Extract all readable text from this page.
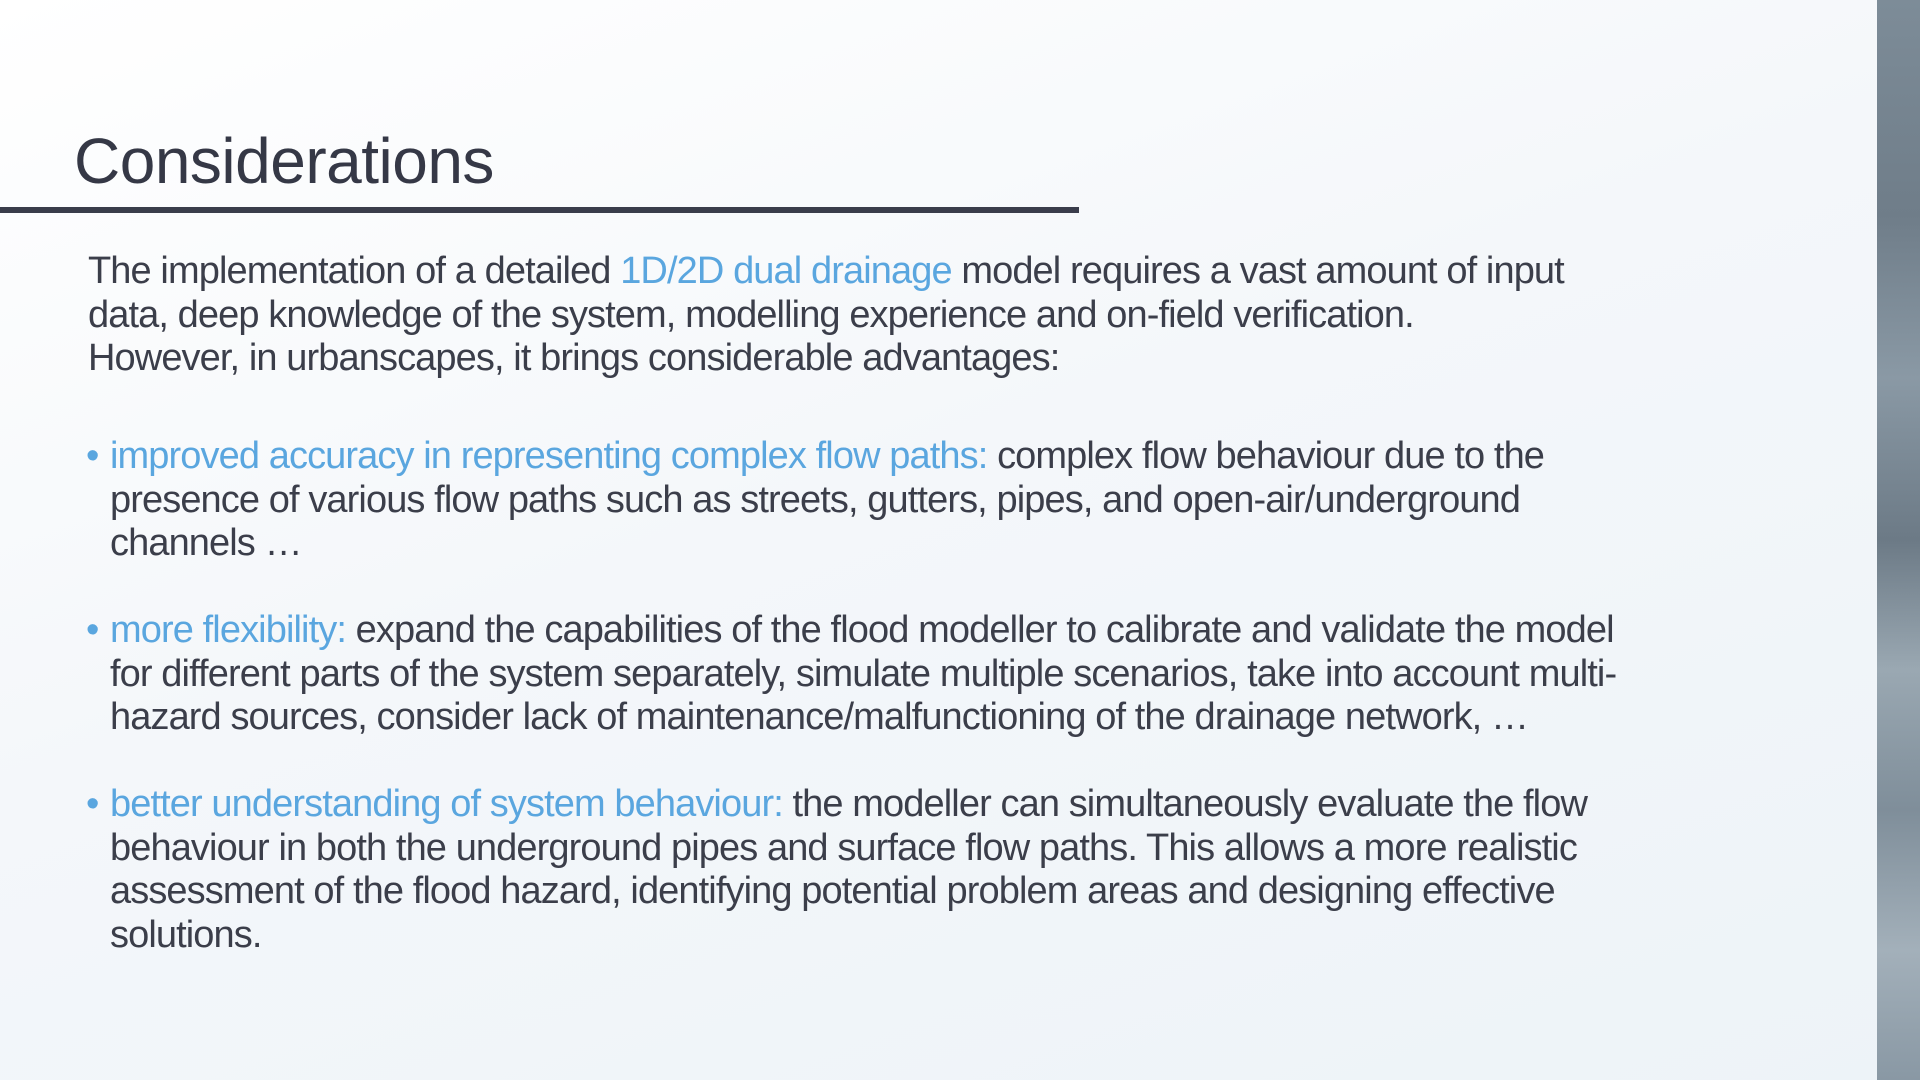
Considerations
The implementation of a detailed 1D/2D dual drainage model requires a vast amount of input
data, deep knowledge of the system, modelling experience and on-field verification.
However, in urbanscapes, it brings considerable advantages:
• improved accuracy in representing complex flow paths: complex flow behaviour due to the
presence of various flow paths such as streets, gutters, pipes, and open-air/underground
channels …
• more flexibility: expand the capabilities of the flood modeller to calibrate and validate the model
for different parts of the system separately, simulate multiple scenarios, take into account multi-
hazard sources, consider lack of maintenance/malfunctioning of the drainage network, …
• better understanding of system behaviour: the modeller can simultaneously evaluate the flow
behaviour in both the underground pipes and surface flow paths. This allows a more realistic
assessment of the flood hazard, identifying potential problem areas and designing effective
solutions.
